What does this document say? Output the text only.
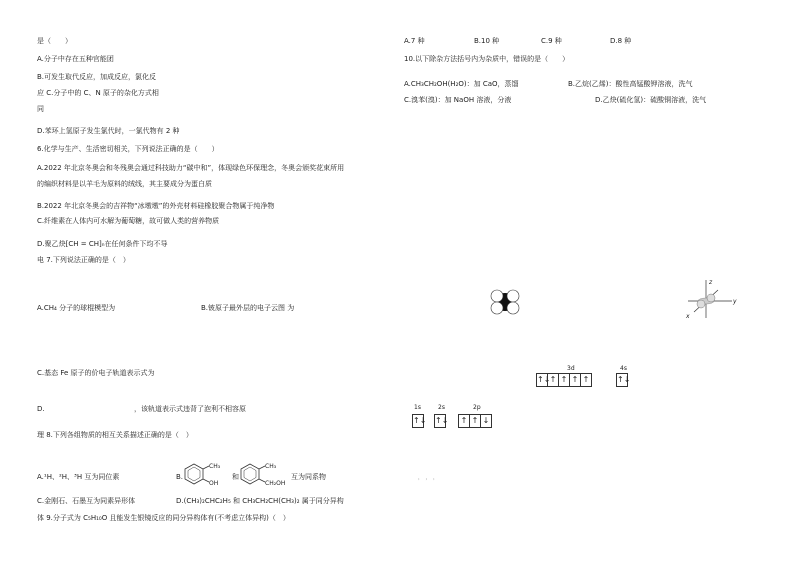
是（　　）
A.分子中存在五种官能团
B.可发生取代反应，加成反应，氯化反
应 C.分子中的 C、N 原子的杂化方式相
同
D.苯环上氢原子发生氯代时，一氯代物有 2 种
6.化学与生产、生活密切相关，下列说法正确的是（　　）
A.2022 年北京冬奥会和冬残奥会通过科技助力“碳中和”，体现绿色环保理念，冬奥会颁奖花束所用
的编织材料是以羊毛为原料的绒线，其主要成分为蛋白质
B.2022 年北京冬奥会的吉祥物“冰墩墩”的外壳材料硅橡胶聚合物属于纯净物
C.纤维素在人体内可水解为葡萄糖，故可做人类的营养物质
D.聚乙炔[CH = CH]ₙ在任何条件下均不导
电 7.下列说法正确的是（　）
A.CH₄ 分子的球棍模型为	B.铍原子最外层的电子云图 为
C.基态 Fe 原子的价电子轨道表示式为
D.	，该轨道表示式违背了泡利不相容原
理 8.下列各组物质的相互关系描述正确的是（　）
A.¹H、²H、³H 互为同位素	B.
CH₃
OH
和
CH₃
CH₂OH
互为同系物
C.金刚石、石墨互为同素异形体	D.(CH₃)₂CHC₂H₅ 和 CH₃CH₂CH(CH₃)₂ 属于同分异构
体 9.分子式为 C₅H₁₀O 且能发生银镜反应的同分异构体有(不考虑立体异构)（　）
A.7 种	B.10 种	C.9 种	D.8 种
10.以下除杂方法括号内为杂质中，错误的是（　　）
A.CH₃CH₂OH(H₂O)：加 CaO，蒸馏	B.乙烷(乙烯)：酸性高锰酸钾溶液，洗气
C.溴苯(溴)：加 NaOH 溶液，分液	D.乙炔(硫化氢)：硫酸铜溶液，洗气
z
y
x
3d	4s
↑↓↑ ↑ ↑ ↑	↑↓
1s	2s	2p
↑↓ ↑↓	↑ ↑ ↓
，　，　，
